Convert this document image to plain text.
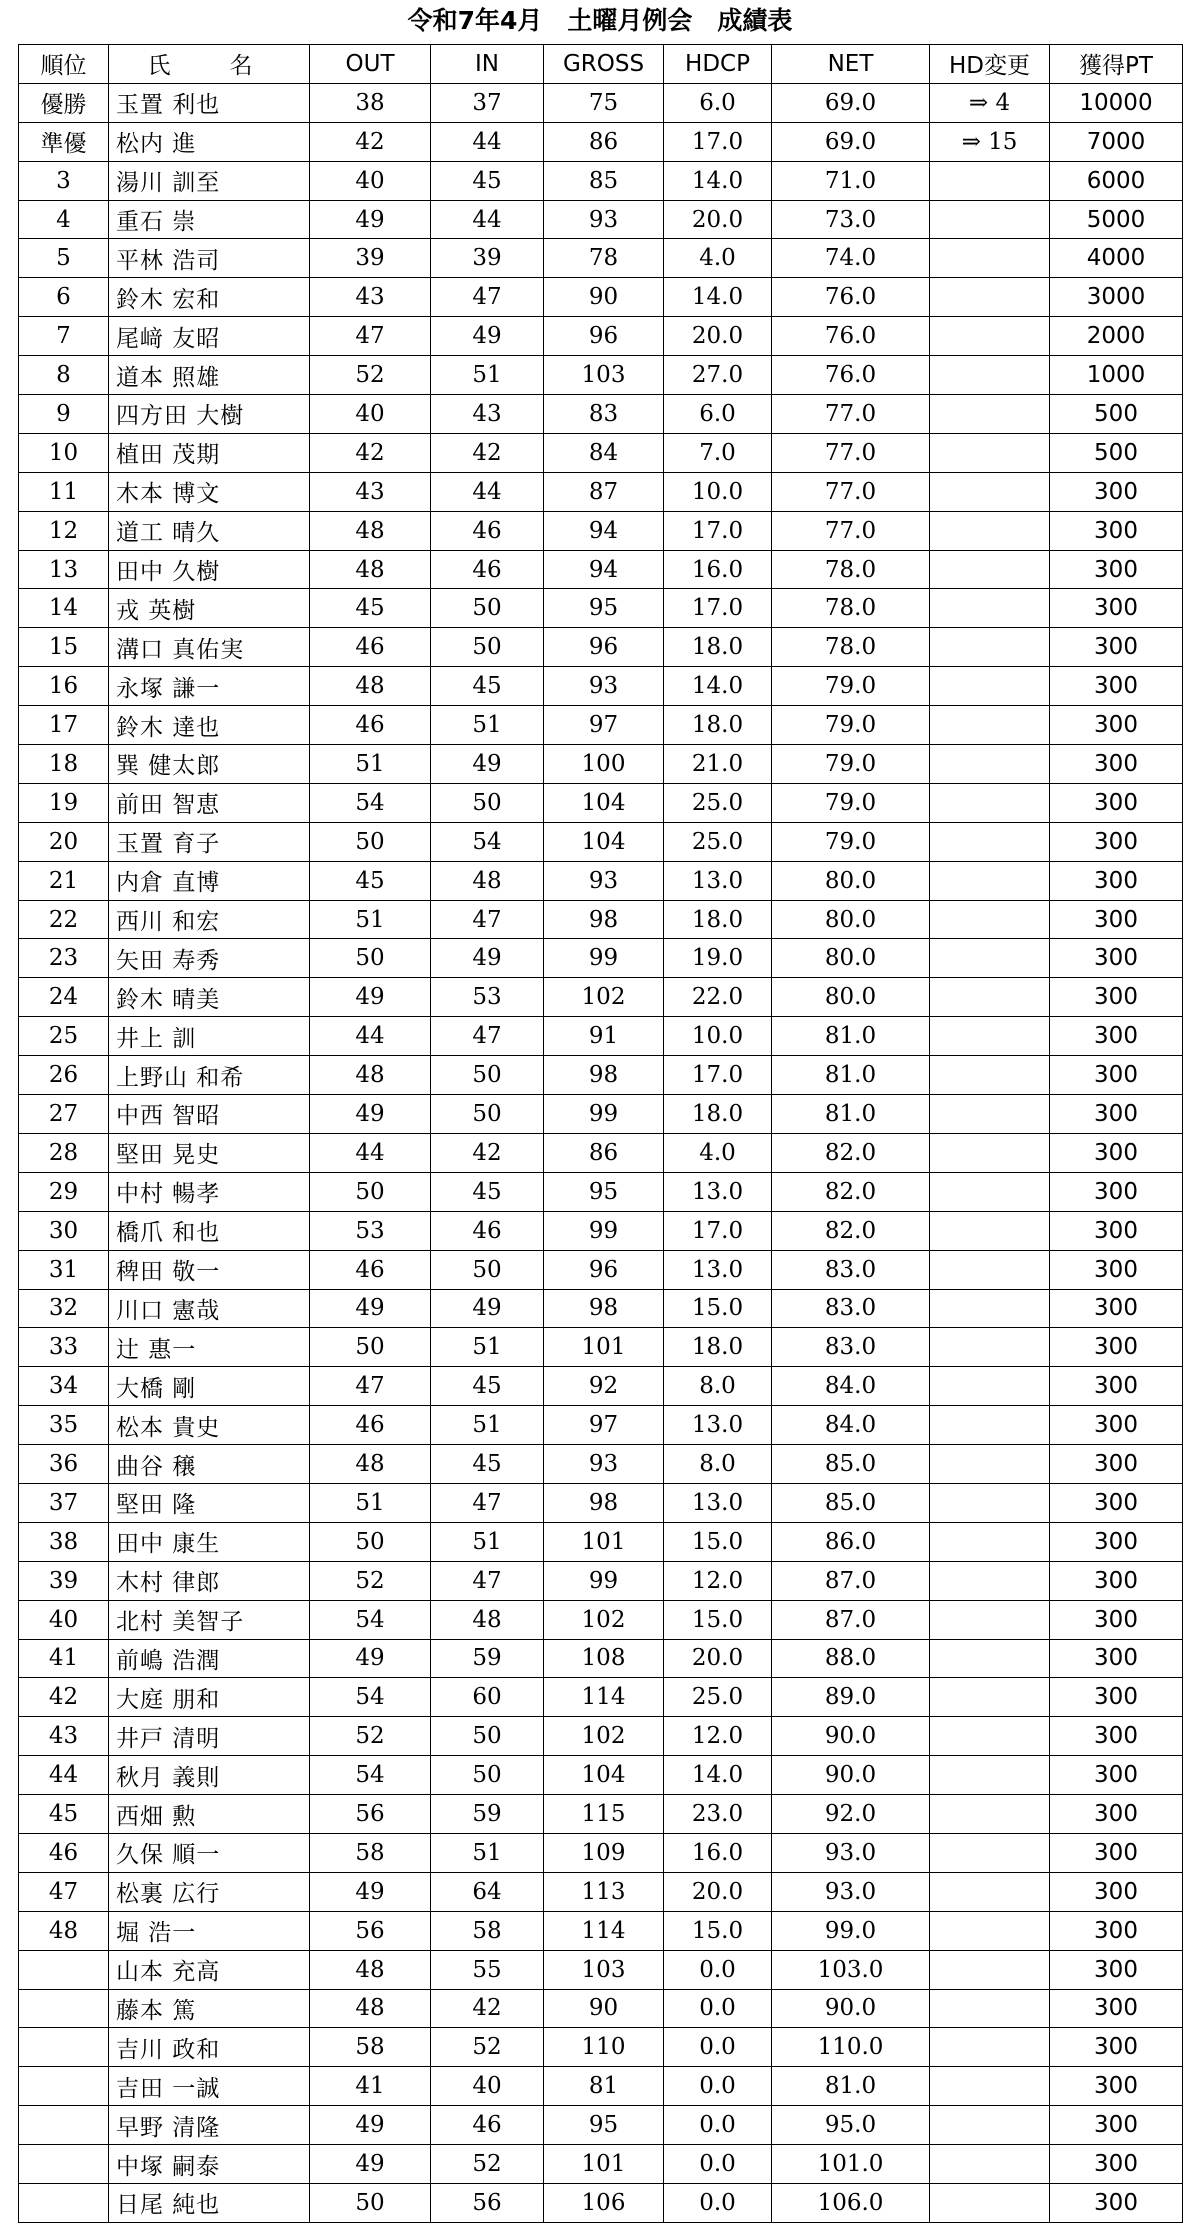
令和7年4月　土曜月例会　成績表
順位	氏　名	OUT	IN	GROSS	HDCP	NET	HD変更	獲得PT
優勝	玉置 利也	38	37	75	6.0	69.0	⇒ 4	10000
準優	松内 進	42	44	86	17.0	69.0	⇒ 15	7000
3	湯川 訓至	40	45	85	14.0	71.0		6000
4	重石 崇	49	44	93	20.0	73.0		5000
5	平林 浩司	39	39	78	4.0	74.0		4000
6	鈴木 宏和	43	47	90	14.0	76.0		3000
7	尾﨑 友昭	47	49	96	20.0	76.0		2000
8	道本 照雄	52	51	103	27.0	76.0		1000
9	四方田 大樹	40	43	83	6.0	77.0		500
10	植田 茂期	42	42	84	7.0	77.0		500
11	木本 博文	43	44	87	10.0	77.0		300
12	道工 晴久	48	46	94	17.0	77.0		300
13	田中 久樹	48	46	94	16.0	78.0		300
14	戎 英樹	45	50	95	17.0	78.0		300
15	溝口 真佑実	46	50	96	18.0	78.0		300
16	永塚 謙一	48	45	93	14.0	79.0		300
17	鈴木 達也	46	51	97	18.0	79.0		300
18	巽 健太郎	51	49	100	21.0	79.0		300
19	前田 智恵	54	50	104	25.0	79.0		300
20	玉置 育子	50	54	104	25.0	79.0		300
21	内倉 直博	45	48	93	13.0	80.0		300
22	西川 和宏	51	47	98	18.0	80.0		300
23	矢田 寿秀	50	49	99	19.0	80.0		300
24	鈴木 晴美	49	53	102	22.0	80.0		300
25	井上 訓	44	47	91	10.0	81.0		300
26	上野山 和希	48	50	98	17.0	81.0		300
27	中西 智昭	49	50	99	18.0	81.0		300
28	堅田 晃史	44	42	86	4.0	82.0		300
29	中村 暢孝	50	45	95	13.0	82.0		300
30	橋爪 和也	53	46	99	17.0	82.0		300
31	稗田 敬一	46	50	96	13.0	83.0		300
32	川口 憲哉	49	49	98	15.0	83.0		300
33	辻 惠一	50	51	101	18.0	83.0		300
34	大橋 剛	47	45	92	8.0	84.0		300
35	松本 貴史	46	51	97	13.0	84.0		300
36	曲谷 穣	48	45	93	8.0	85.0		300
37	堅田 隆	51	47	98	13.0	85.0		300
38	田中 康生	50	51	101	15.0	86.0		300
39	木村 律郎	52	47	99	12.0	87.0		300
40	北村 美智子	54	48	102	15.0	87.0		300
41	前嶋 浩潤	49	59	108	20.0	88.0		300
42	大庭 朋和	54	60	114	25.0	89.0		300
43	井戸 清明	52	50	102	12.0	90.0		300
44	秋月 義則	54	50	104	14.0	90.0		300
45	西畑 勲	56	59	115	23.0	92.0		300
46	久保 順一	58	51	109	16.0	93.0		300
47	松裏 広行	49	64	113	20.0	93.0		300
48	堀 浩一	56	58	114	15.0	99.0		300
	山本 充高	48	55	103	0.0	103.0		300
	藤本 篤	48	42	90	0.0	90.0		300
	吉川 政和	58	52	110	0.0	110.0		300
	吉田 一誠	41	40	81	0.0	81.0		300
	早野 清隆	49	46	95	0.0	95.0		300
	中塚 嗣泰	49	52	101	0.0	101.0		300
	日尾 純也	50	56	106	0.0	106.0		300
